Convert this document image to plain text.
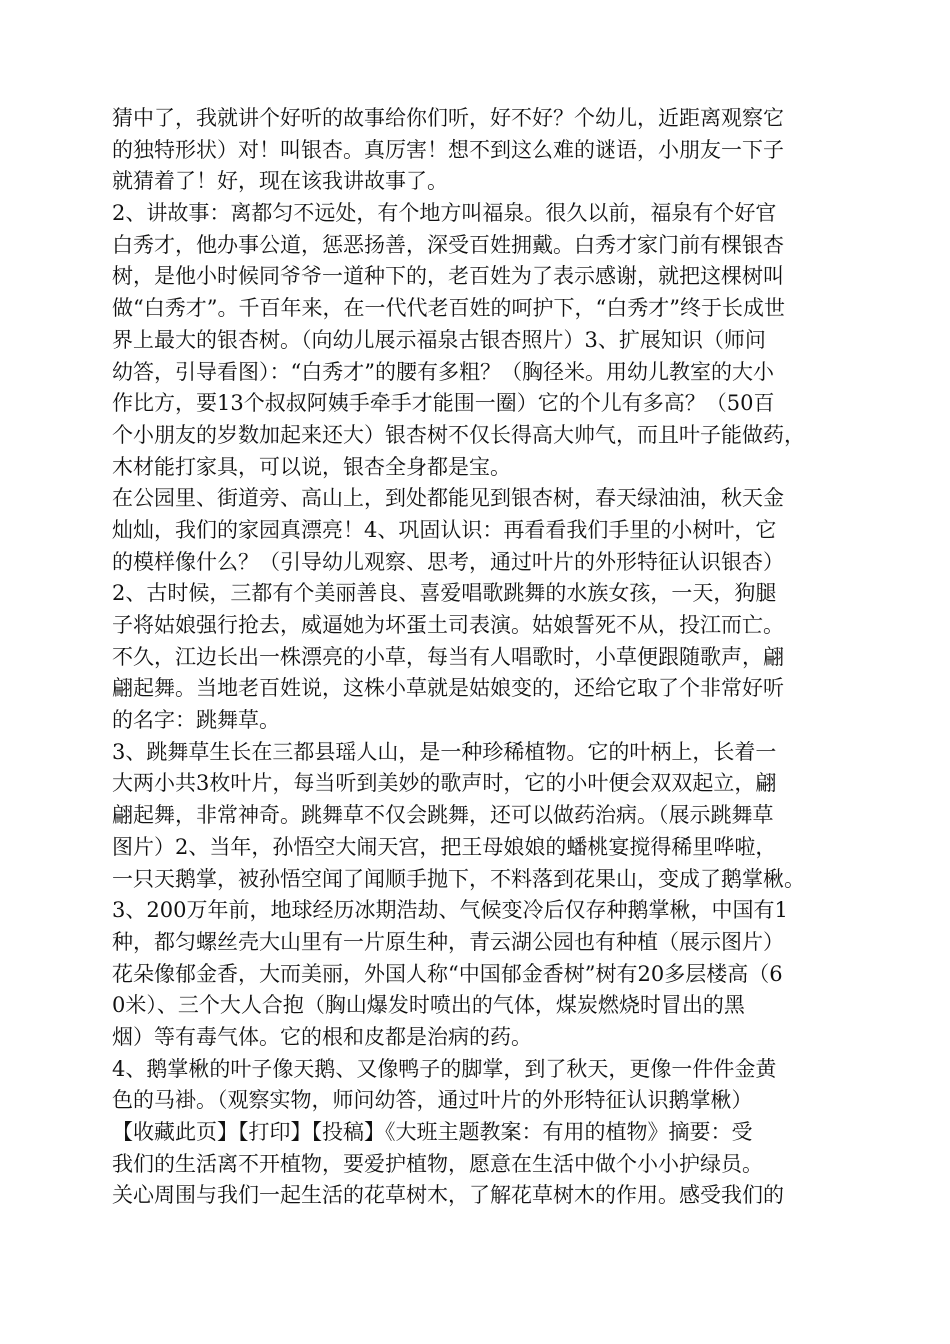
猜中了，我就讲个好听的故事给你们听，好不好？个幼儿，近距离观察它
的独特形状）对！叫银杏。真厉害！想不到这么难的谜语，小朋友一下子
就猜着了！好，现在该我讲故事了。
2、讲故事：离都匀不远处，有个地方叫福泉。很久以前，福泉有个好官
白秀才，他办事公道，惩恶扬善，深受百姓拥戴。白秀才家门前有棵银杏
树，是他小时候同爷爷一道种下的，老百姓为了表示感谢，就把这棵树叫
做“白秀才”。千百年来，在一代代老百姓的呵护下，“白秀才”终于长成世
界上最大的银杏树。（向幼儿展示福泉古银杏照片）3、扩展知识（师问
幼答，引导看图）：“白秀才”的腰有多粗？（胸径米。用幼儿教室的大小
作比方，要13个叔叔阿姨手牵手才能围一圈）它的个儿有多高？（50百
个小朋友的岁数加起来还大）银杏树不仅长得高大帅气，而且叶子能做药，
木材能打家具，可以说，银杏全身都是宝。
在公园里、街道旁、高山上，到处都能见到银杏树，春天绿油油，秋天金
灿灿，我们的家园真漂亮！4、巩固认识：再看看我们手里的小树叶，它
的模样像什么？（引导幼儿观察、思考，通过叶片的外形特征认识银杏）
2、古时候，三都有个美丽善良、喜爱唱歌跳舞的水族女孩，一天，狗腿
子将姑娘强行抢去，威逼她为坏蛋土司表演。姑娘誓死不从，投江而亡。
不久，江边长出一株漂亮的小草，每当有人唱歌时，小草便跟随歌声，翩
翩起舞。当地老百姓说，这株小草就是姑娘变的，还给它取了个非常好听
的名字：跳舞草。
3、跳舞草生长在三都县瑶人山，是一种珍稀植物。它的叶柄上，长着一
大两小共3枚叶片，每当听到美妙的歌声时，它的小叶便会双双起立，翩
翩起舞，非常神奇。跳舞草不仅会跳舞，还可以做药治病。（展示跳舞草
图片）2、当年，孙悟空大闹天宫，把王母娘娘的蟠桃宴搅得稀里哗啦，
一只天鹅掌，被孙悟空闻了闻顺手抛下，不料落到花果山，变成了鹅掌楸。
3、200万年前，地球经历冰期浩劫、气候变冷后仅存种鹅掌楸，中国有1
种，都匀螺丝壳大山里有一片原生种，青云湖公园也有种植（展示图片）
花朵像郁金香，大而美丽，外国人称“中国郁金香树”树有20多层楼高（6
0米）、三个大人合抱（胸山爆发时喷出的气体，煤炭燃烧时冒出的黑
烟）等有毒气体。它的根和皮都是治病的药。
4、鹅掌楸的叶子像天鹅、又像鸭子的脚掌，到了秋天，更像一件件金黄
色的马褂。（观察实物，师问幼答，通过叶片的外形特征认识鹅掌楸）
【收藏此页】【打印】【投稿】《大班主题教案：有用的植物》摘要：受
我们的生活离不开植物，要爱护植物，愿意在生活中做个小小护绿员。
关心周围与我们一起生活的花草树木，了解花草树木的作用。感受我们的
